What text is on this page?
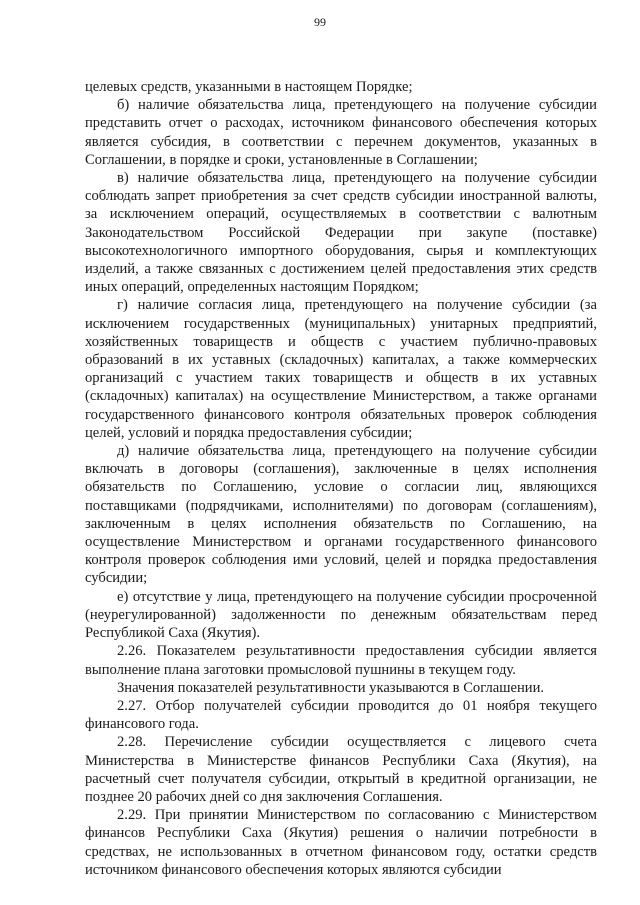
99

целевых средств, указанными в настоящем Порядке;

б) наличие обязательства лица, претендующего на получение субсидии представить отчет о расходах, источником финансового обеспечения которых является субсидия, в соответствии с перечнем документов, указанных в Соглашении, в порядке и сроки, установленные в Соглашении;

в) наличие обязательства лица, претендующего на получение субсидии соблюдать запрет приобретения за счет средств субсидии иностранной валюты, за исключением операций, осуществляемых в соответствии с валютным Законодательством Российской Федерации при закупе (поставке) высокотехнологичного импортного оборудования, сырья и комплектующих изделий, а также связанных с достижением целей предоставления этих средств иных операций, определенных настоящим Порядком;

г) наличие согласия лица, претендующего на получение субсидии (за исключением государственных (муниципальных) унитарных предприятий, хозяйственных товариществ и обществ с участием публично-правовых образований в их уставных (складочных) капиталах, а также коммерческих организаций с участием таких товариществ и обществ в их уставных (складочных) капиталах) на осуществление Министерством, а также органами государственного финансового контроля обязательных проверок соблюдения целей, условий и порядка предоставления субсидии;

д) наличие обязательства лица, претендующего на получение субсидии включать в договоры (соглашения), заключенные в целях исполнения обязательств по Соглашению, условие о согласии лиц, являющихся поставщиками (подрядчиками, исполнителями) по договорам (соглашениям), заключенным в целях исполнения обязательств по Соглашению, на осуществление Министерством и органами государственного финансового контроля проверок соблюдения ими условий, целей и порядка предоставления субсидии;

е) отсутствие у лица, претендующего на получение субсидии просроченной (неурегулированной) задолженности по денежным обязательствам перед Республикой Саха (Якутия).

2.26. Показателем результативности предоставления субсидии является выполнение плана заготовки промысловой пушнины в текущем году.

Значения показателей результативности указываются в Соглашении.

2.27. Отбор получателей субсидии проводится до 01 ноября текущего финансового года.

2.28. Перечисление субсидии осуществляется с лицевого счета Министерства в Министерстве финансов Республики Саха (Якутия), на расчетный счет получателя субсидии, открытый в кредитной организации, не позднее 20 рабочих дней со дня заключения Соглашения.

2.29. При принятии Министерством по согласованию с Министерством финансов Республики Саха (Якутия) решения о наличии потребности в средствах, не использованных в отчетном финансовом году, остатки средств источником финансового обеспечения которых являются субсидии
